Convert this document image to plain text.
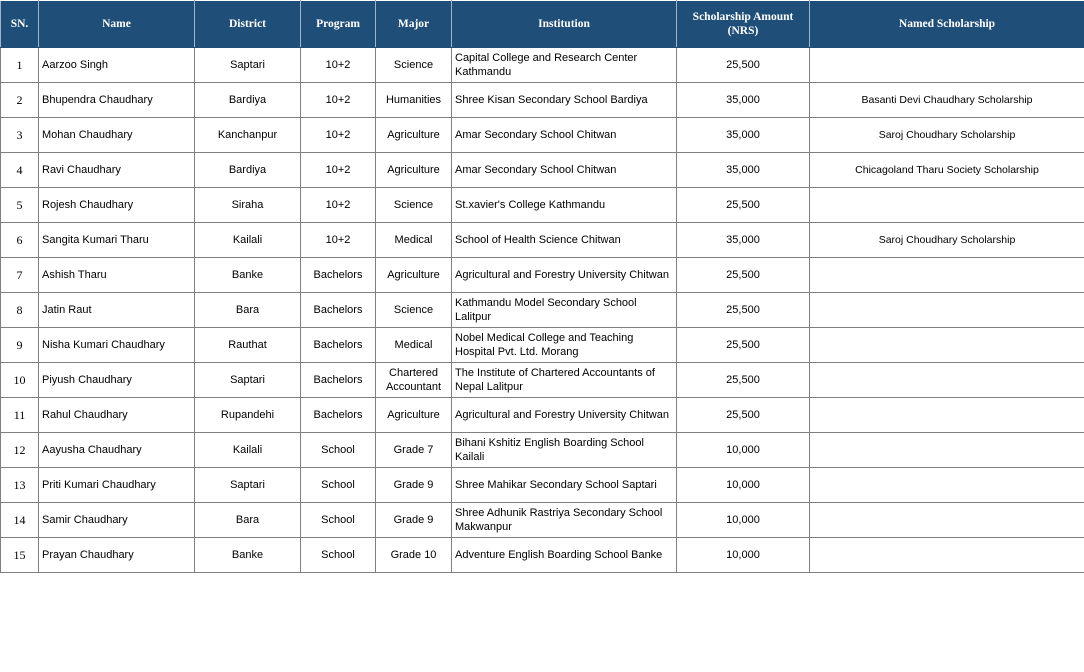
SN.	Name	District	Program	Major	Institution	Scholarship Amount (NRS)	Named Scholarship
1	Aarzoo Singh	Saptari	10+2	Science	Capital College and Research Center Kathmandu	25,500	
2	Bhupendra Chaudhary	Bardiya	10+2	Humanities	Shree Kisan Secondary School Bardiya	35,000	Basanti Devi Chaudhary Scholarship
3	Mohan Chaudhary	Kanchanpur	10+2	Agriculture	Amar Secondary School Chitwan	35,000	Saroj Choudhary Scholarship
4	Ravi Chaudhary	Bardiya	10+2	Agriculture	Amar Secondary School Chitwan	35,000	Chicagoland Tharu Society Scholarship
5	Rojesh Chaudhary	Siraha	10+2	Science	St.xavier's College Kathmandu	25,500	
6	Sangita Kumari Tharu	Kailali	10+2	Medical	School of Health Science Chitwan	35,000	Saroj Choudhary Scholarship
7	Ashish Tharu	Banke	Bachelors	Agriculture	Agricultural and Forestry University Chitwan	25,500	
8	Jatin Raut	Bara	Bachelors	Science	Kathmandu Model Secondary School Lalitpur	25,500	
9	Nisha Kumari Chaudhary	Rauthat	Bachelors	Medical	Nobel Medical College and Teaching Hospital Pvt. Ltd. Morang	25,500	
10	Piyush Chaudhary	Saptari	Bachelors	Chartered Accountant	The Institute of Chartered Accountants of Nepal Lalitpur	25,500	
11	Rahul Chaudhary	Rupandehi	Bachelors	Agriculture	Agricultural and Forestry University Chitwan	25,500	
12	Aayusha Chaudhary	Kailali	School	Grade 7	Bihani Kshitiz English Boarding School Kailali	10,000	
13	Priti Kumari Chaudhary	Saptari	School	Grade 9	Shree Mahikar Secondary School Saptari	10,000	
14	Samir Chaudhary	Bara	School	Grade 9	Shree Adhunik Rastriya Secondary School Makwanpur	10,000	
15	Prayan Chaudhary	Banke	School	Grade 10	Adventure English Boarding School Banke	10,000	
